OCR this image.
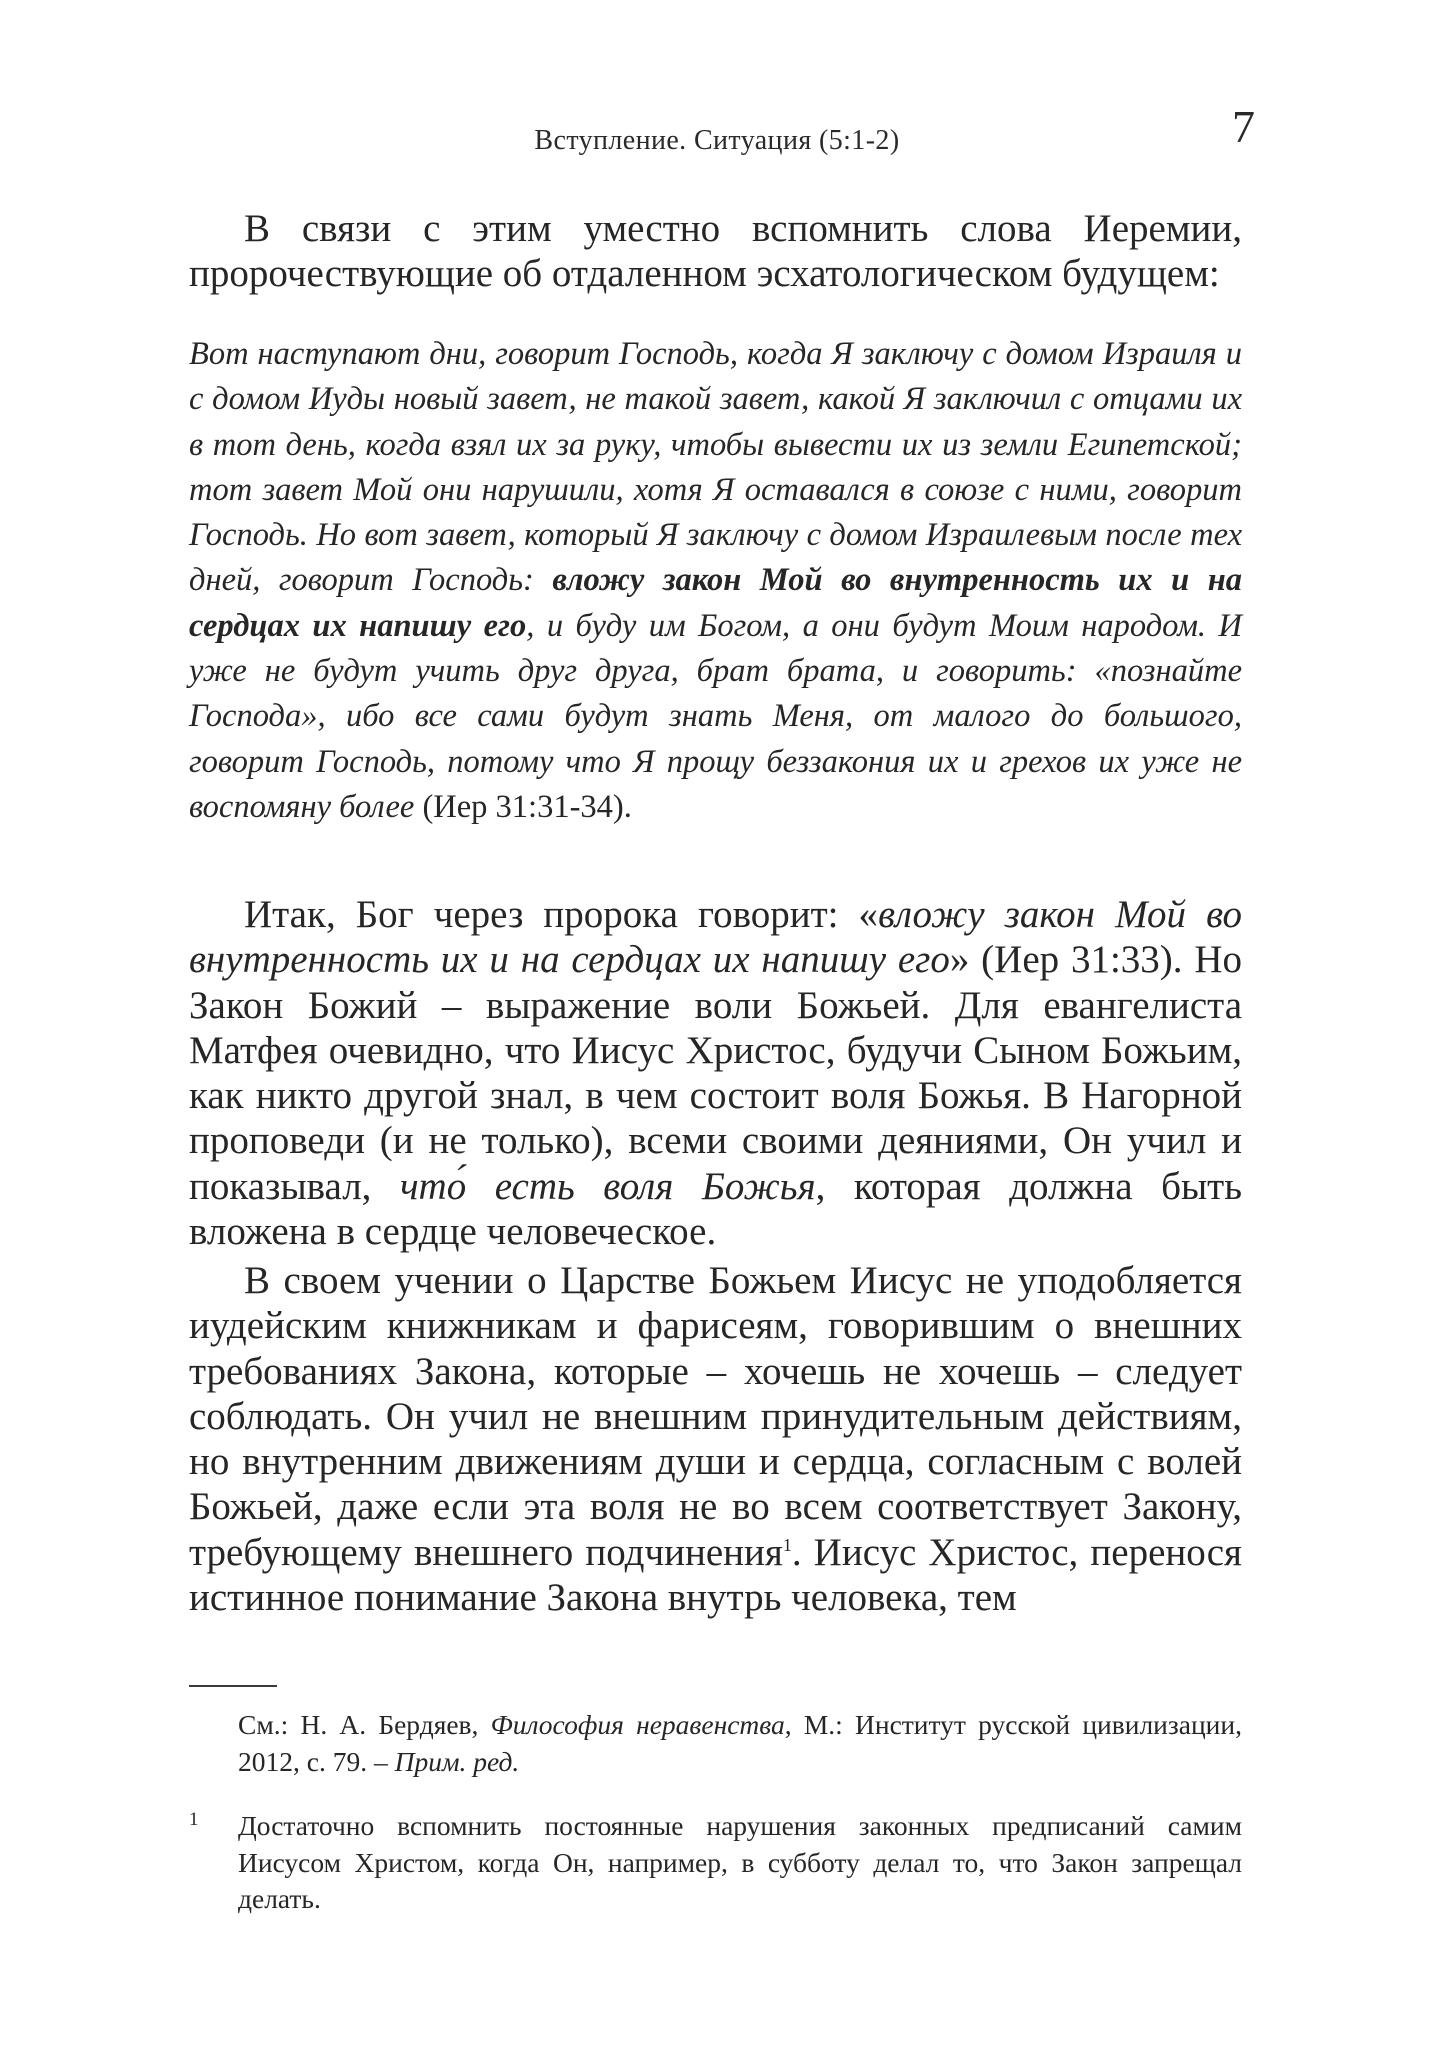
Вступление. Ситуация (5:1-2)	7

В связи с этим уместно вспомнить слова Иеремии, пророчествующие об отдаленном эсхатологическом будущем:

Вот наступают дни, говорит Господь, когда Я заключу с домом Израиля и с домом Иуды новый завет, не такой завет, какой Я заключил с отцами их в тот день, когда взял их за руку, чтобы вывести их из земли Египетской; тот завет Мой они нарушили, хотя Я оставался в союзе с ними, говорит Господь. Но вот завет, который Я заключу с домом Израилевым после тех дней, говорит Господь: вложу закон Мой во внутренность их и на сердцах их напишу его, и буду им Богом, а они будут Моим народом. И уже не будут учить друг друга, брат брата, и говорить: «познайте Господа», ибо все сами будут знать Меня, от малого до большого, говорит Господь, потому что Я прощу беззакония их и грехов их уже не воспомяну более (Иер 31:31-34).

Итак, Бог через пророка говорит: «вложу закон Мой во внутренность их и на сердцах их напишу его» (Иер 31:33). Но Закон Божий – выражение воли Божьей. Для евангелиста Матфея очевидно, что Иисус Христос, будучи Сыном Божьим, как никто другой знал, в чем состоит воля Божья. В Нагорной проповеди (и не только), всеми своими деяниями, Он учил и показывал, что́ есть воля Божья, которая должна быть вложена в сердце человеческое.

В своем учении о Царстве Божьем Иисус не уподобляется иудейским книжникам и фарисеям, говорившим о внешних требованиях Закона, которые – хочешь не хочешь – следует соблюдать. Он учил не внешним принудительным действиям, но внутренним движениям души и сердца, согласным с волей Божьей, даже если эта воля не во всем соответствует Закону, требующему внешнего подчинения$^1$. Иисус Христос, перенося истинное понимание Закона внутрь человека, тем

См.: Н. А. Бердяев, Философия неравенства, М.: Институт русской цивилизации, 2012, с. 79. – Прим. ред.

1	Достаточно вспомнить постоянные нарушения законных предписаний самим Иисусом Христом, когда Он, например, в субботу делал то, что Закон запрещал делать.
